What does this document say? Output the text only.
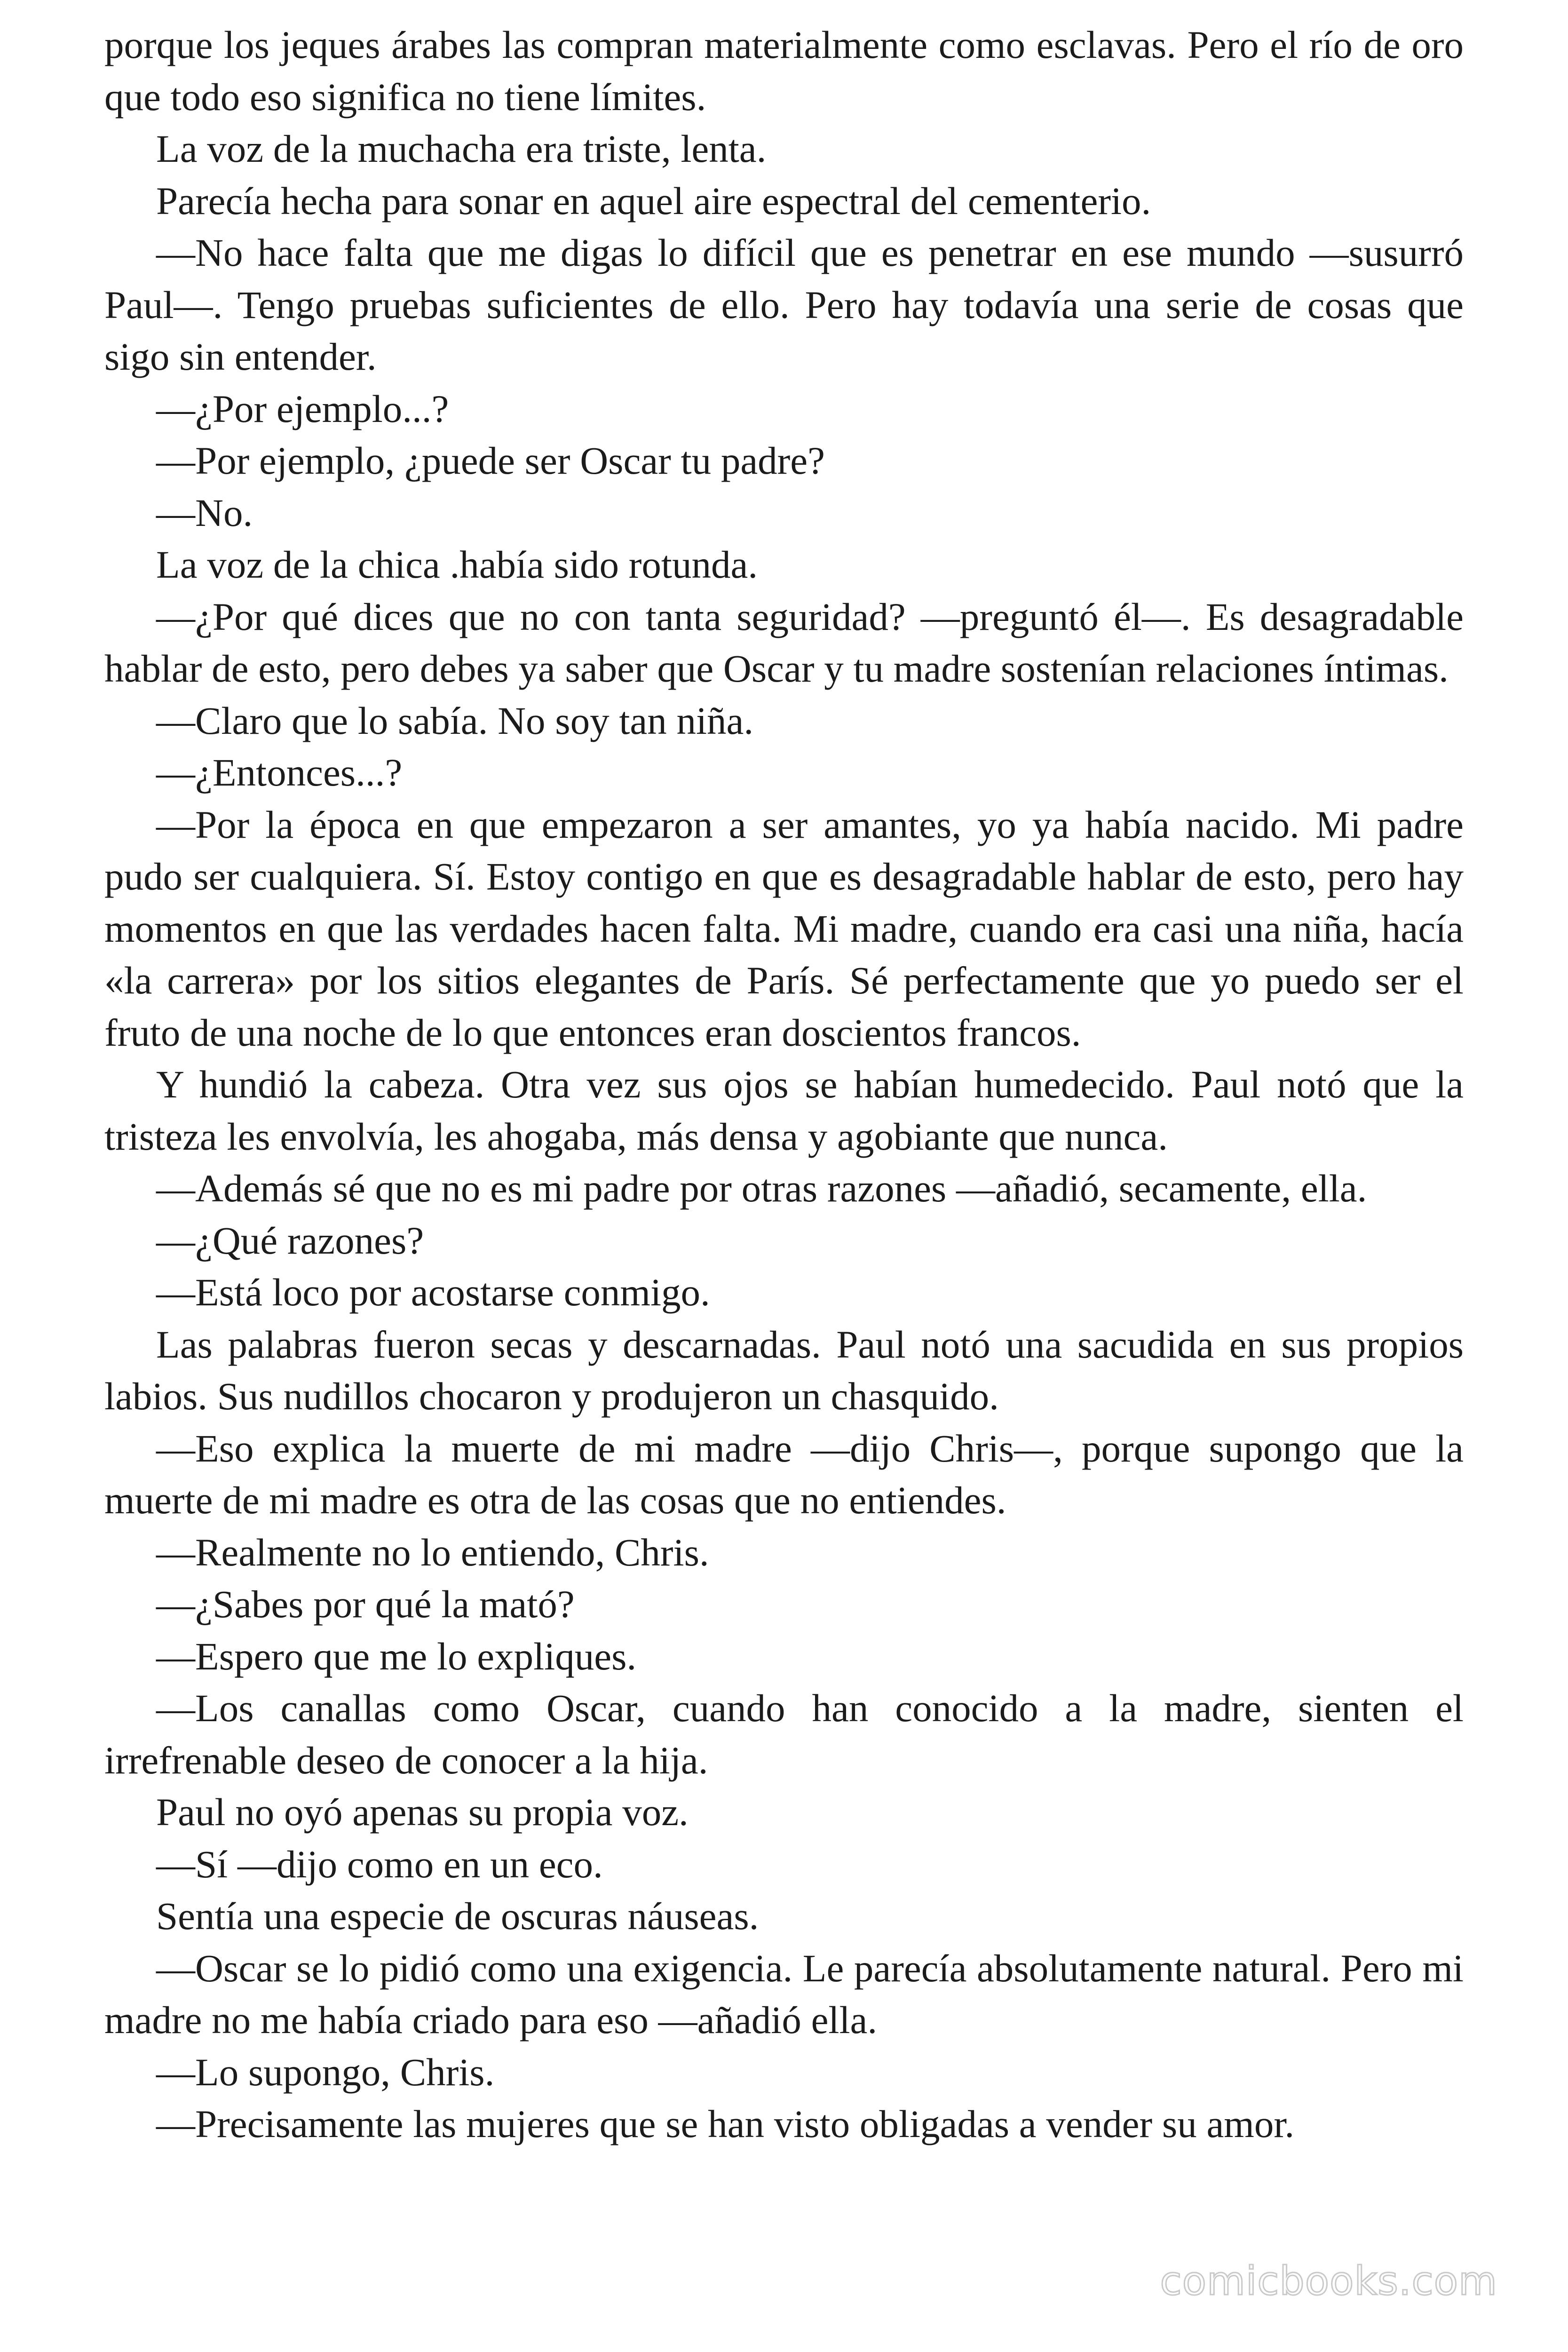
porque los jeques árabes las compran materialmente como esclavas. Pero el río de oro que todo eso significa no tiene límites.

La voz de la muchacha era triste, lenta.

Parecía hecha para sonar en aquel aire espectral del cementerio.

—No hace falta que me digas lo difícil que es penetrar en ese mundo —susurró Paul—. Tengo pruebas suficientes de ello. Pero hay todavía una serie de cosas que sigo sin entender.

—¿Por ejemplo...?

—Por ejemplo, ¿puede ser Oscar tu padre?

—No.

La voz de la chica .había sido rotunda.

—¿Por qué dices que no con tanta seguridad? —preguntó él—. Es desagradable hablar de esto, pero debes ya saber que Oscar y tu madre sostenían relaciones íntimas.

—Claro que lo sabía. No soy tan niña.

—¿Entonces...?

—Por la época en que empezaron a ser amantes, yo ya había nacido. Mi padre pudo ser cualquiera. Sí. Estoy contigo en que es desagradable hablar de esto, pero hay momentos en que las verdades hacen falta. Mi madre, cuando era casi una niña, hacía «la carrera» por los sitios elegantes de París. Sé perfectamente que yo puedo ser el fruto de una noche de lo que entonces eran doscientos francos.

Y hundió la cabeza. Otra vez sus ojos se habían humedecido. Paul notó que la tristeza les envolvía, les ahogaba, más densa y agobiante que nunca.

—Además sé que no es mi padre por otras razones —añadió, secamente, ella.

—¿Qué razones?

—Está loco por acostarse conmigo.

Las palabras fueron secas y descarnadas. Paul notó una sacudida en sus propios labios. Sus nudillos chocaron y produjeron un chasquido.

—Eso explica la muerte de mi madre —dijo Chris—, porque supongo que la muerte de mi madre es otra de las cosas que no entiendes.

—Realmente no lo entiendo, Chris.

—¿Sabes por qué la mató?

—Espero que me lo expliques.

—Los canallas como Oscar, cuando han conocido a la madre, sienten el irrefrenable deseo de conocer a la hija.

Paul no oyó apenas su propia voz.

—Sí —dijo como en un eco.

Sentía una especie de oscuras náuseas.

—Oscar se lo pidió como una exigencia. Le parecía absolutamente natural. Pero mi madre no me había criado para eso —añadió ella.

—Lo supongo, Chris.

—Precisamente las mujeres que se han visto obligadas a vender su amor.

comicbooks.com
